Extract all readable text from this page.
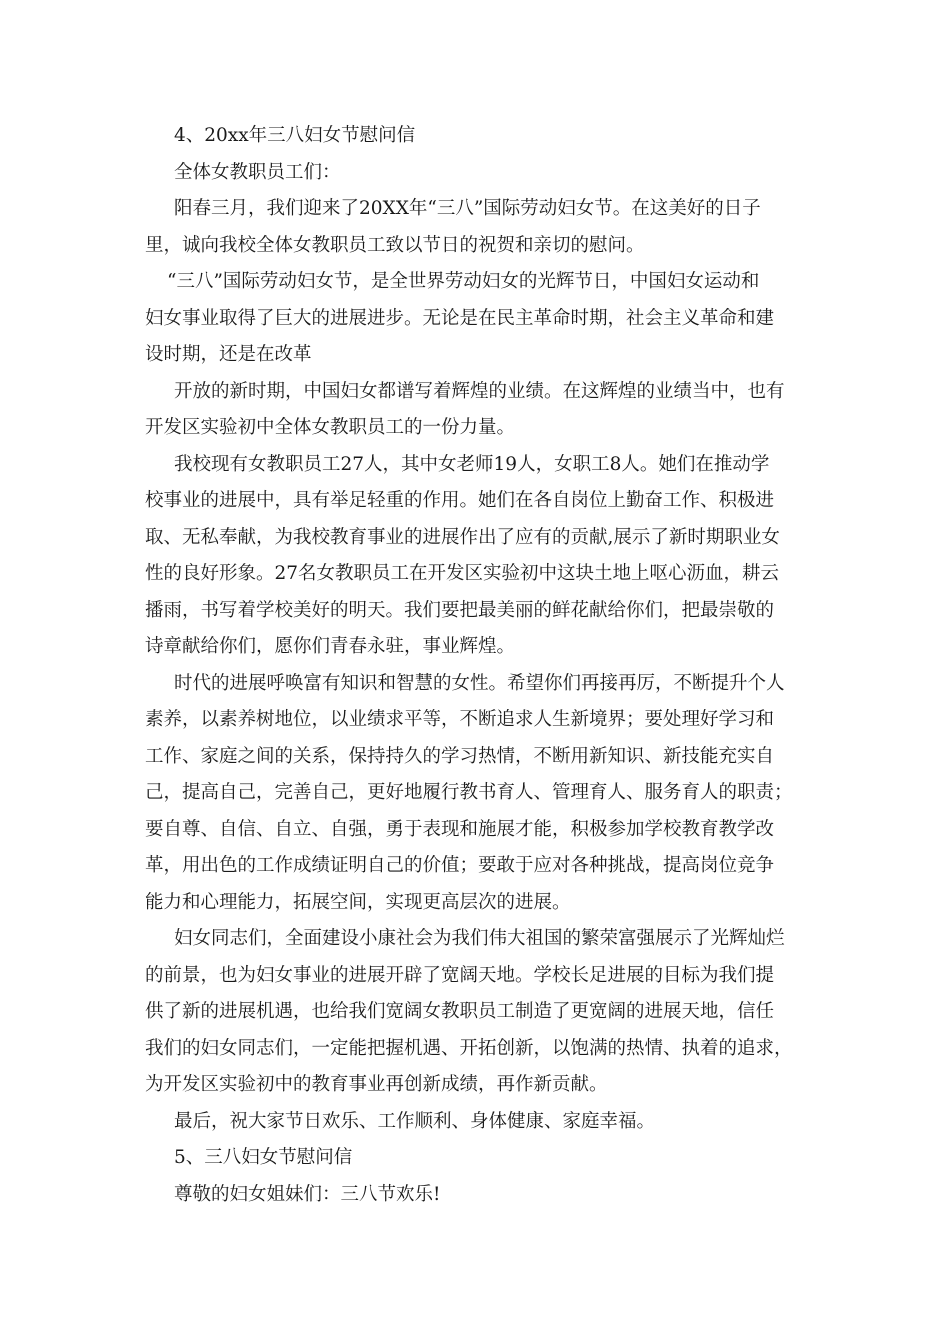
4、20xx年三八妇女节慰问信
全体女教职员工们：
阳春三月，我们迎来了20XX年“三八”国际劳动妇女节。在这美好的日子
里，诚向我校全体女教职员工致以节日的祝贺和亲切的慰问。
“三八”国际劳动妇女节，是全世界劳动妇女的光辉节日，中国妇女运动和
妇女事业取得了巨大的进展进步。无论是在民主革命时期，社会主义革命和建
设时期，还是在改革
开放的新时期，中国妇女都谱写着辉煌的业绩。在这辉煌的业绩当中，也有
开发区实验初中全体女教职员工的一份力量。
我校现有女教职员工27人，其中女老师19人，女职工8人。她们在推动学
校事业的进展中，具有举足轻重的作用。她们在各自岗位上勤奋工作、积极进
取、无私奉献，为我校教育事业的进展作出了应有的贡献,展示了新时期职业女
性的良好形象。27名女教职员工在开发区实验初中这块土地上呕心沥血，耕云
播雨，书写着学校美好的明天。我们要把最美丽的鲜花献给你们，把最崇敬的
诗章献给你们，愿你们青春永驻，事业辉煌。
时代的进展呼唤富有知识和智慧的女性。希望你们再接再厉，不断提升个人
素养，以素养树地位，以业绩求平等，不断追求人生新境界；要处理好学习和
工作、家庭之间的关系，保持持久的学习热情，不断用新知识、新技能充实自
己，提高自己，完善自己，更好地履行教书育人、管理育人、服务育人的职责；
要自尊、自信、自立、自强，勇于表现和施展才能，积极参加学校教育教学改
革，用出色的工作成绩证明自己的价值；要敢于应对各种挑战，提高岗位竞争
能力和心理能力，拓展空间，实现更高层次的进展。
妇女同志们，全面建设小康社会为我们伟大祖国的繁荣富强展示了光辉灿烂
的前景，也为妇女事业的进展开辟了宽阔天地。学校长足进展的目标为我们提
供了新的进展机遇，也给我们宽阔女教职员工制造了更宽阔的进展天地，信任
我们的妇女同志们，一定能把握机遇、开拓创新，以饱满的热情、执着的追求，
为开发区实验初中的教育事业再创新成绩，再作新贡献。
最后，祝大家节日欢乐、工作顺利、身体健康、家庭幸福。
5、三八妇女节慰问信
尊敬的妇女姐妹们：三八节欢乐!
